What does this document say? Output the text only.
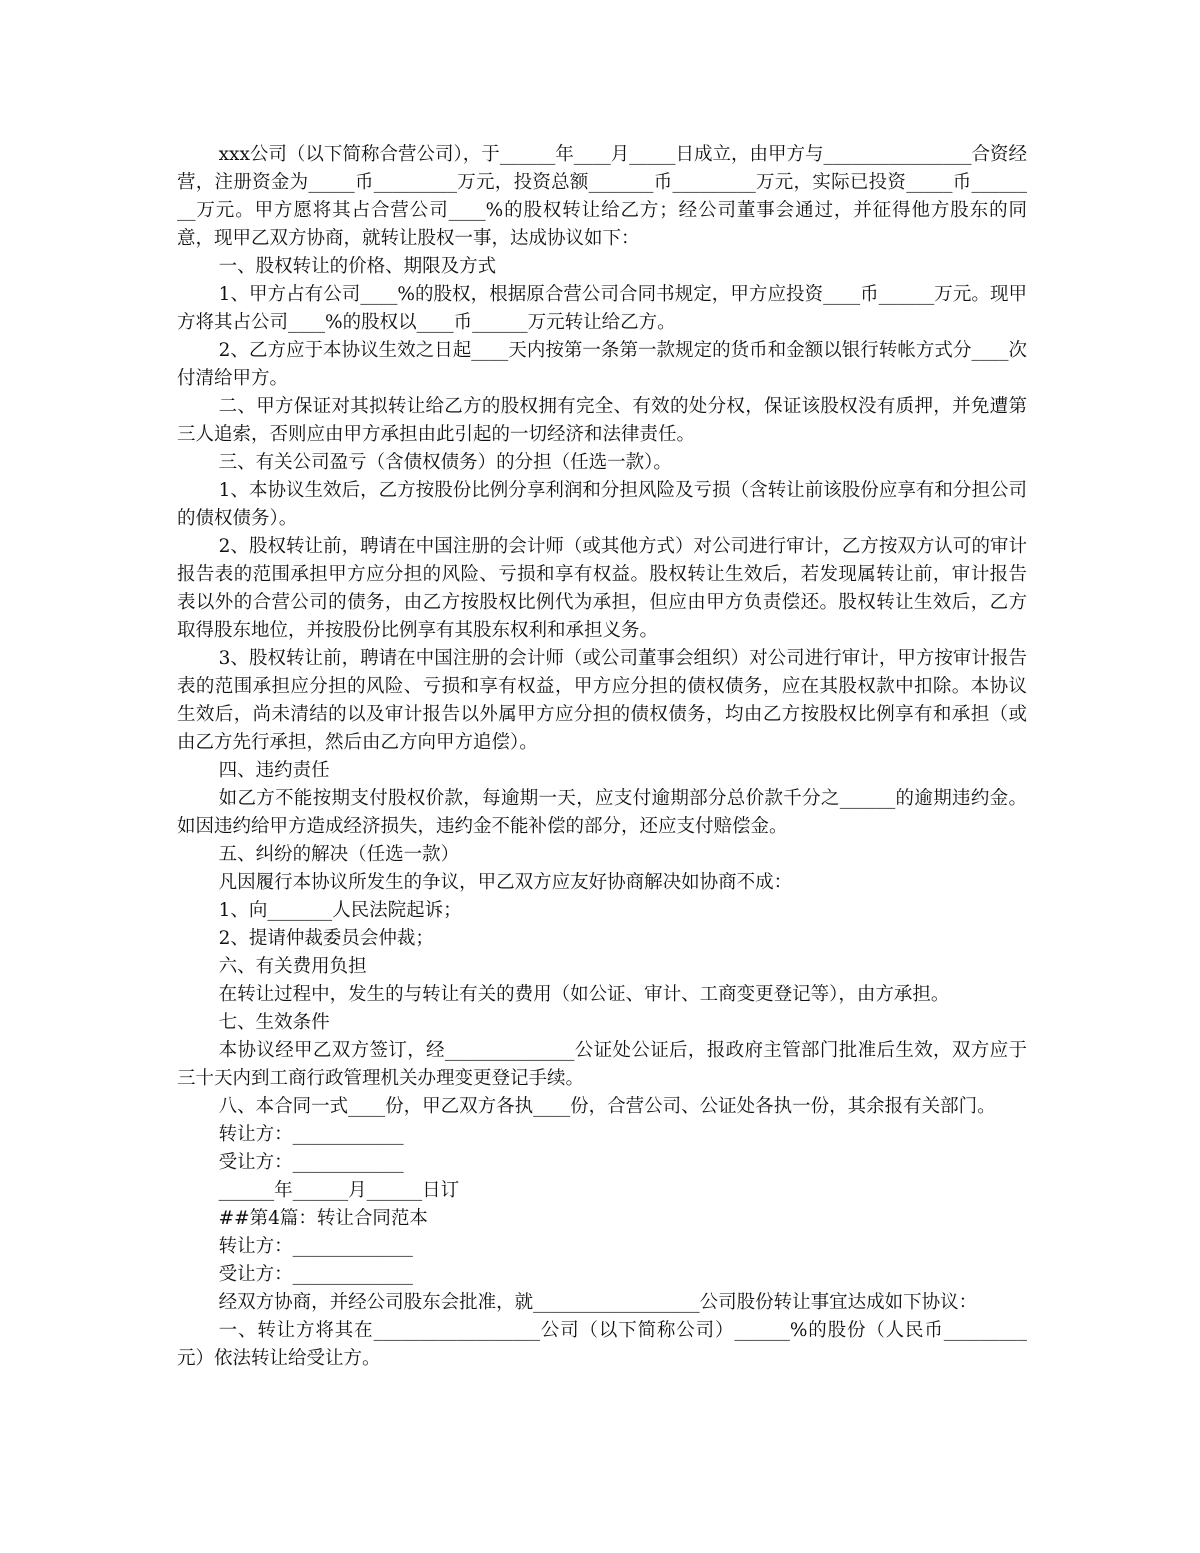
xxx公司（以下简称合营公司），于______年____月_____日成立，由甲方与________________合资经营，注册资金为_____币_________万元，投资总额_______币_________万元，实际已投资_____币________万元。甲方愿将其占合营公司____%的股权转让给乙方；经公司董事会通过，并征得他方股东的同意，现甲乙双方协商，就转让股权一事，达成协议如下：

一、股权转让的价格、期限及方式

1、甲方占有公司____%的股权，根据原合营公司合同书规定，甲方应投资____币______万元。现甲方将其占公司____%的股权以____币______万元转让给乙方。

2、乙方应于本协议生效之日起____天内按第一条第一款规定的货币和金额以银行转帐方式分____次付清给甲方。

二、甲方保证对其拟转让给乙方的股权拥有完全、有效的处分权，保证该股权没有质押，并免遭第三人追索，否则应由甲方承担由此引起的一切经济和法律责任。

三、有关公司盈亏（含债权债务）的分担（任选一款）。

1、本协议生效后，乙方按股份比例分享利润和分担风险及亏损（含转让前该股份应享有和分担公司的债权债务）。

2、股权转让前，聘请在中国注册的会计师（或其他方式）对公司进行审计，乙方按双方认可的审计报告表的范围承担甲方应分担的风险、亏损和享有权益。股权转让生效后，若发现属转让前，审计报告表以外的合营公司的债务，由乙方按股权比例代为承担，但应由甲方负责偿还。股权转让生效后，乙方取得股东地位，并按股份比例享有其股东权利和承担义务。

3、股权转让前，聘请在中国注册的会计师（或公司董事会组织）对公司进行审计，甲方按审计报告表的范围承担应分担的风险、亏损和享有权益，甲方应分担的债权债务，应在其股权款中扣除。本协议生效后，尚未清结的以及审计报告以外属甲方应分担的债权债务，均由乙方按股权比例享有和承担（或由乙方先行承担，然后由乙方向甲方追偿）。

四、违约责任

如乙方不能按期支付股权价款，每逾期一天，应支付逾期部分总价款千分之______的逾期违约金。如因违约给甲方造成经济损失，违约金不能补偿的部分，还应支付赔偿金。

五、纠纷的解决（任选一款）

凡因履行本协议所发生的争议，甲乙双方应友好协商解决如协商不成：

1、向_______人民法院起诉；

2、提请仲裁委员会仲裁；

六、有关费用负担

在转让过程中，发生的与转让有关的费用（如公证、审计、工商变更登记等），由方承担。

七、生效条件

本协议经甲乙双方签订，经______________公证处公证后，报政府主管部门批准后生效，双方应于三十天内到工商行政管理机关办理变更登记手续。

八、本合同一式____份，甲乙双方各执____份，合营公司、公证处各执一份，其余报有关部门。

转让方：____________

受让方：____________

______年______月______日订

##第4篇：转让合同范本

转让方：_____________

受让方：_____________

经双方协商，并经公司股东会批准，就__________________公司股份转让事宜达成如下协议：

一、转让方将其在__________________公司（以下简称公司）______%的股份（人民币_________元）依法转让给受让方。
